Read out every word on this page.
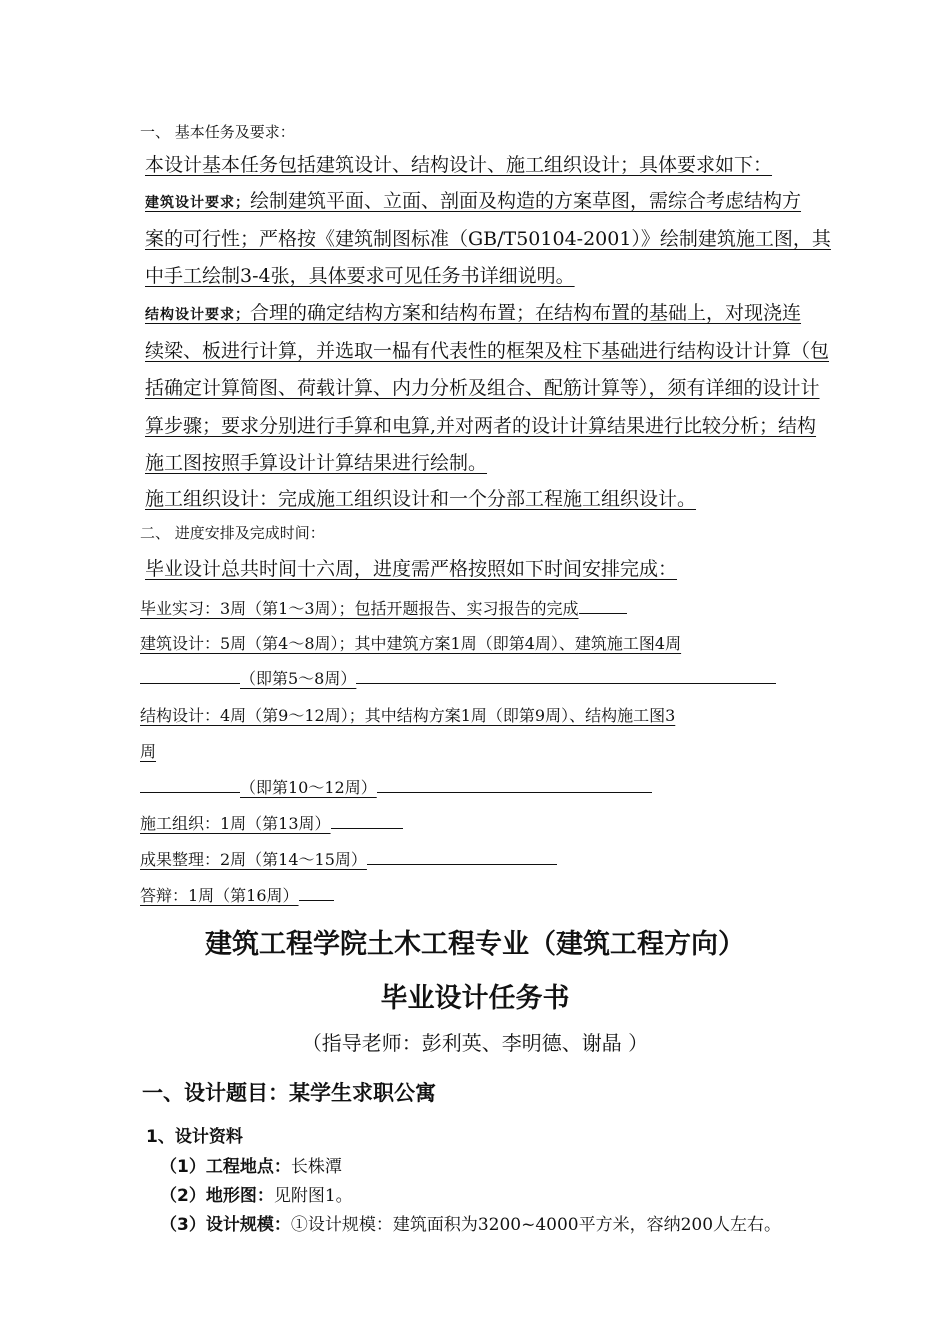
一、 基本任务及要求：
本设计基本任务包括建筑设计、结构设计、施工组织设计；具体要求如下：
建筑设计要求；绘制建筑平面、立面、剖面及构造的方案草图，需综合考虑结构方
案的可行性；严格按《建筑制图标准（GB/T50104-2001）》绘制建筑施工图，其
中手工绘制3-4张，具体要求可见任务书详细说明。
结构设计要求；合理的确定结构方案和结构布置；在结构布置的基础上，对现浇连
续梁、板进行计算，并选取一榀有代表性的框架及柱下基础进行结构设计计算（包
括确定计算简图、荷载计算、内力分析及组合、配筋计算等），须有详细的设计计
算步骤；要求分别进行手算和电算,并对两者的设计计算结果进行比较分析；结构
施工图按照手算设计计算结果进行绘制。
施工组织设计：完成施工组织设计和一个分部工程施工组织设计。
二、 进度安排及完成时间：
毕业设计总共时间十六周，进度需严格按照如下时间安排完成：
毕业实习：3周（第1～3周）；包括开题报告、实习报告的完成
建筑设计：5周（第4～8周）；其中建筑方案1周（即第4周）、建筑施工图4周
（即第5～8周）
结构设计：4周（第9～12周）；其中结构方案1周（即第9周）、结构施工图3
周
（即第10～12周）
施工组织：1周（第13周）
成果整理：2周（第14～15周）
答辩：1周（第16周）
建筑工程学院土木工程专业（建筑工程方向）
毕业设计任务书
（指导老师：彭利英、李明德、谢晶 ）
一、设计题目：某学生求职公寓
1、设计资料
（1）工程地点：长株潭
（2）地形图：见附图1。
（3）设计规模：①设计规模：建筑面积为3200~4000平方米，容纳200人左右。
